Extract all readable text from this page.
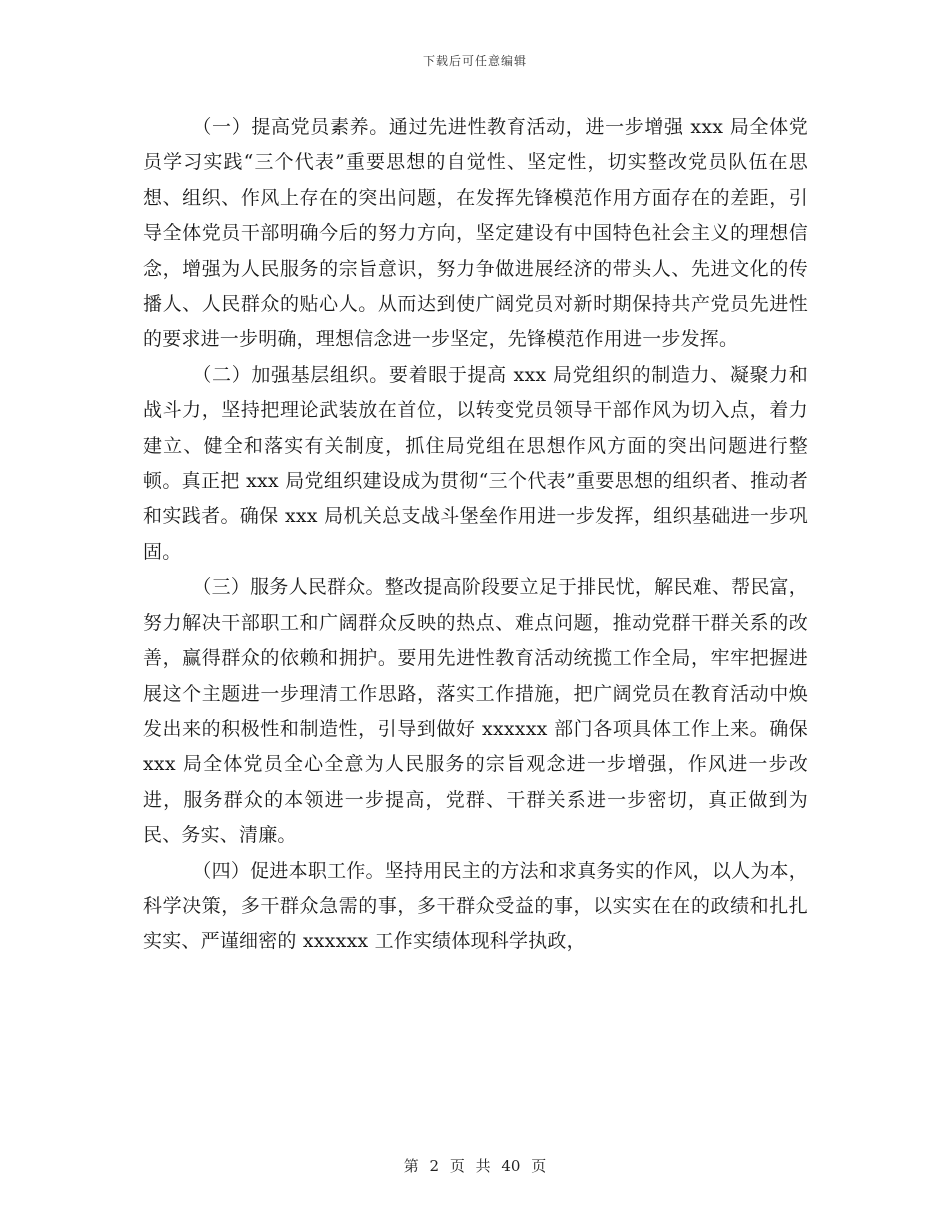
下载后可任意编辑

（一）提高党员素养。通过先进性教育活动，进一步增强 xxx 局全体党员学习实践“三个代表”重要思想的自觉性、坚定性，切实整改党员队伍在思想、组织、作风上存在的突出问题，在发挥先锋模范作用方面存在的差距，引导全体党员干部明确今后的努力方向，坚定建设有中国特色社会主义的理想信念，增强为人民服务的宗旨意识，努力争做进展经济的带头人、先进文化的传播人、人民群众的贴心人。从而达到使广阔党员对新时期保持共产党员先进性的要求进一步明确，理想信念进一步坚定，先锋模范作用进一步发挥。

（二）加强基层组织。要着眼于提高 xxx 局党组织的制造力、凝聚力和战斗力，坚持把理论武装放在首位，以转变党员领导干部作风为切入点，着力建立、健全和落实有关制度，抓住局党组在思想作风方面的突出问题进行整顿。真正把 xxx 局党组织建设成为贯彻“三个代表”重要思想的组织者、推动者和实践者。确保 xxx 局机关总支战斗堡垒作用进一步发挥，组织基础进一步巩固。

（三）服务人民群众。整改提高阶段要立足于排民忧，解民难、帮民富，努力解决干部职工和广阔群众反映的热点、难点问题，推动党群干群关系的改善，赢得群众的依赖和拥护。要用先进性教育活动统揽工作全局，牢牢把握进展这个主题进一步理清工作思路，落实工作措施，把广阔党员在教育活动中焕发出来的积极性和制造性，引导到做好 xxxxxx 部门各项具体工作上来。确保 xxx 局全体党员全心全意为人民服务的宗旨观念进一步增强，作风进一步改进，服务群众的本领进一步提高，党群、干群关系进一步密切，真正做到为民、务实、清廉。

（四）促进本职工作。坚持用民主的方法和求真务实的作风，以人为本，科学决策，多干群众急需的事，多干群众受益的事，以实实在在的政绩和扎扎实实、严谨细密的 xxxxxx 工作实绩体现科学执政，

第 2 页 共 40 页
